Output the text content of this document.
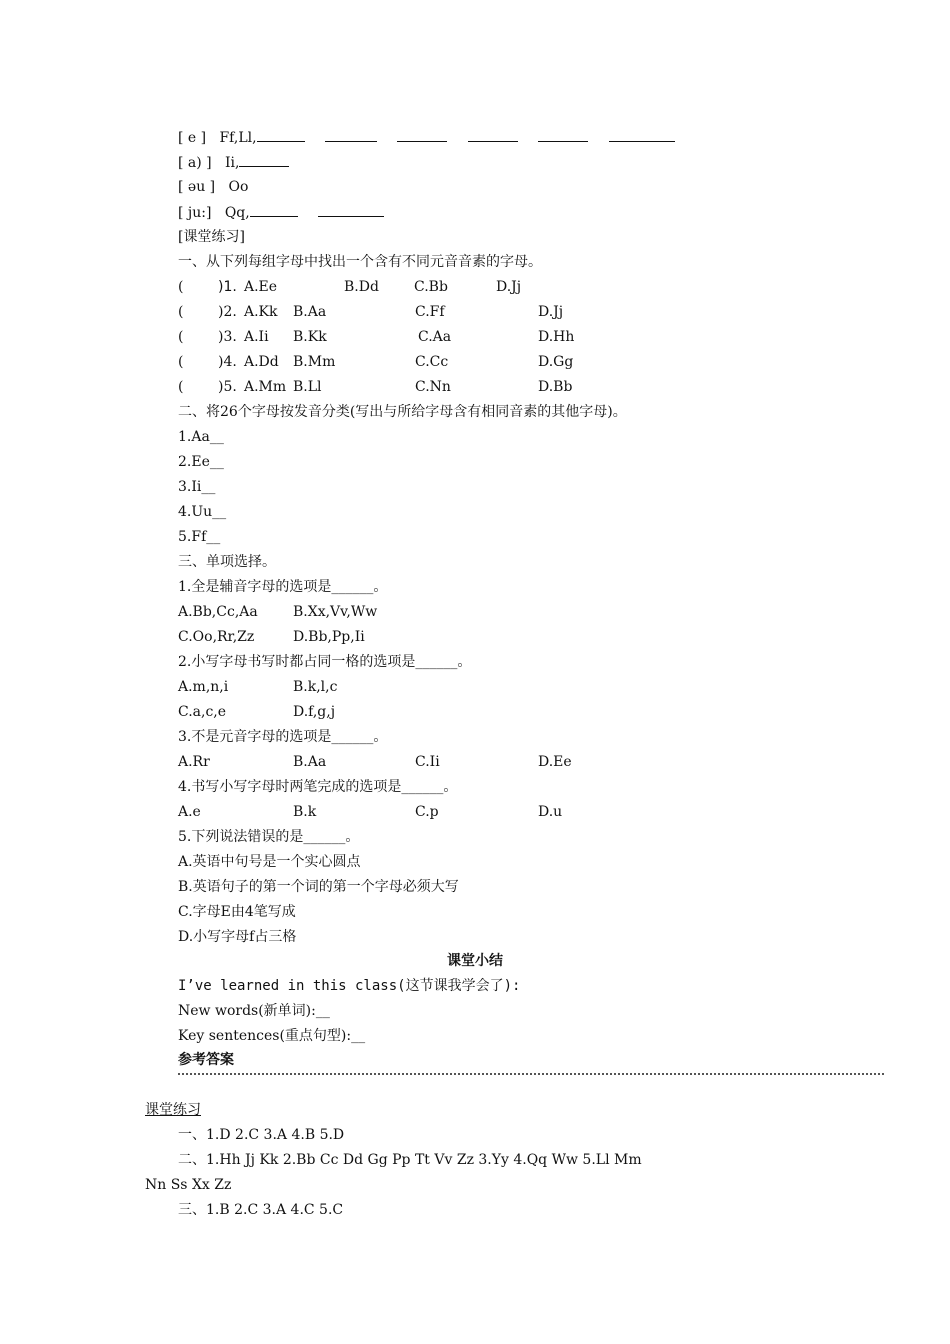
[ e ] Ff,Ll,
[ a) ] Ii,
[ əu ] Oo
[ ju:] Qq,
[课堂练习]
一、从下列每组字母中找出一个含有不同元音音素的字母。
( )1. A.Ee	B.Dd	C.Bb	D.Jj
( )2. A.Kk B.Aa	C.Ff	D.Jj
( )3. A.Ii B.Kk	C.Aa	D.Hh
( )4. A.Dd B.Mm	C.Cc	D.Gg
( )5. A.Mm B.Ll	C.Nn	D.Bb
二、将26个字母按发音分类(写出与所给字母含有相同音素的其他字母)。
1.Aa__
2.Ee__
3.Ii__
4.Uu__
5.Ff__
三、单项选择。
1.全是辅音字母的选项是______。
A.Bb,Cc,Aa	B.Xx,Vv,Ww
C.Oo,Rr,Zz	D.Bb,Pp,Ii
2.小写字母书写时都占同一格的选项是______。
A.m,n,i	B.k,l,c
C.a,c,e	D.f,g,j
3.不是元音字母的选项是______。
A.Rr	B.Aa	C.Ii	D.Ee
4.书写小写字母时两笔完成的选项是______。
A.e	B.k	C.p	D.u
5.下列说法错误的是______。
A.英语中句号是一个实心圆点
B.英语句子的第一个词的第一个字母必须大写
C.字母E由4笔写成
D.小写字母f占三格
课堂小结
I’ve learned in this class(这节课我学会了):
New words(新单词):__
Key sentences(重点句型):__
参考答案
课堂练习
一、1.D 2.C 3.A 4.B 5.D
二、1.Hh Jj Kk 2.Bb Cc Dd Gg Pp Tt Vv Zz 3.Yy 4.Qq Ww 5.Ll Mm
Nn Ss Xx Zz
三、1.B 2.C 3.A 4.C 5.C
